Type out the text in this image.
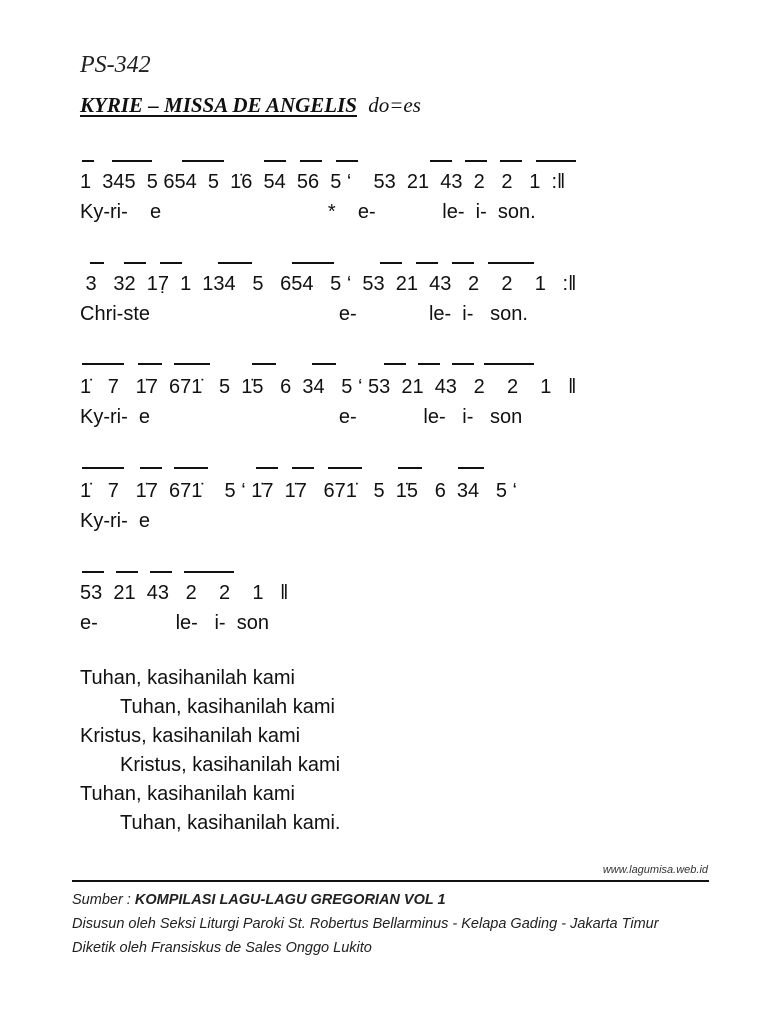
PS-342
KYRIE – MISSA DE ANGELIS do=es
1  345  5 654  5  1̇6  54  56  5 ‘    53  21  43  2   2   1  :‖
Ky-ri-    e                              *    e-            le-  i-  son.
3   32  17̣  1  134   5   654   5 ‘  53  21  43   2    2    1   :‖
Chri-ste                                  e-             le-  i-   son.
1̇   7   1̇7  671̇   5  1̇5   6  34   5 ‘ 53  21  43   2    2    1   ‖
Ky-ri-  e                                  e-            le-   i-   son
1̇   7   1̇7  671̇    5 ‘ 1̇7  1̇7   671̇   5  1̇5   6  34   5 ‘
Ky-ri-  e
53  21  43   2    2    1   ‖
e-              le-   i-  son
Tuhan, kasihanilah kami
Tuhan, kasihanilah kami
Kristus, kasihanilah kami
Kristus, kasihanilah kami
Tuhan, kasihanilah kami
Tuhan, kasihanilah kami.
www.lagumisa.web.id
Sumber : KOMPILASI LAGU-LAGU GREGORIAN VOL 1
Disusun oleh Seksi Liturgi Paroki St. Robertus Bellarminus - Kelapa Gading - Jakarta Timur
Diketik oleh Fransiskus de Sales Onggo Lukito
